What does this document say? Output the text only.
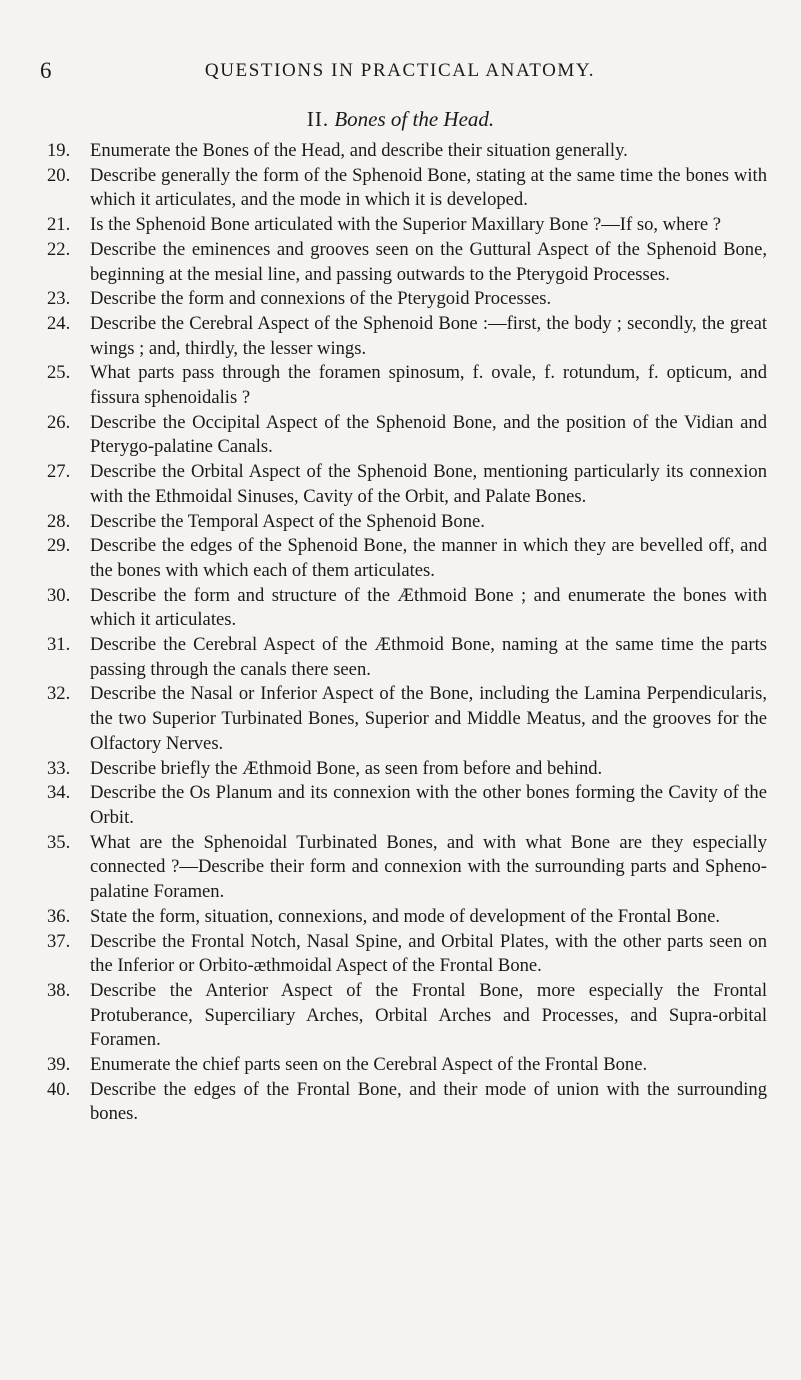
6	QUESTIONS IN PRACTICAL ANATOMY.
II. Bones of the Head.
19. Enumerate the Bones of the Head, and describe their situation generally.
20. Describe generally the form of the Sphenoid Bone, stating at the same time the bones with which it articulates, and the mode in which it is developed.
21. Is the Sphenoid Bone articulated with the Superior Maxillary Bone ?—If so, where ?
22. Describe the eminences and grooves seen on the Guttural Aspect of the Sphenoid Bone, beginning at the mesial line, and passing outwards to the Pterygoid Processes.
23. Describe the form and connexions of the Pterygoid Processes.
24. Describe the Cerebral Aspect of the Sphenoid Bone :—first, the body ; secondly, the great wings ; and, thirdly, the lesser wings.
25. What parts pass through the foramen spinosum, f. ovale, f. rotundum, f. opticum, and fissura sphenoidalis ?
26. Describe the Occipital Aspect of the Sphenoid Bone, and the position of the Vidian and Pterygo-palatine Canals.
27. Describe the Orbital Aspect of the Sphenoid Bone, mentioning particularly its connexion with the Ethmoidal Sinuses, Cavity of the Orbit, and Palate Bones.
28. Describe the Temporal Aspect of the Sphenoid Bone.
29. Describe the edges of the Sphenoid Bone, the manner in which they are bevelled off, and the bones with which each of them articulates.
30. Describe the form and structure of the Æthmoid Bone ; and enumerate the bones with which it articulates.
31. Describe the Cerebral Aspect of the Æthmoid Bone, naming at the same time the parts passing through the canals there seen.
32. Describe the Nasal or Inferior Aspect of the Bone, including the Lamina Perpendicularis, the two Superior Turbinated Bones, Superior and Middle Meatus, and the grooves for the Olfactory Nerves.
33. Describe briefly the Æthmoid Bone, as seen from before and behind.
34. Describe the Os Planum and its connexion with the other bones forming the Cavity of the Orbit.
35. What are the Sphenoidal Turbinated Bones, and with what Bone are they especially connected ?—Describe their form and connexion with the surrounding parts and Spheno-palatine Foramen.
36. State the form, situation, connexions, and mode of development of the Frontal Bone.
37. Describe the Frontal Notch, Nasal Spine, and Orbital Plates, with the other parts seen on the Inferior or Orbito-æthmoidal Aspect of the Frontal Bone.
38. Describe the Anterior Aspect of the Frontal Bone, more especially the Frontal Protuberance, Superciliary Arches, Orbital Arches and Processes, and Supra-orbital Foramen.
39. Enumerate the chief parts seen on the Cerebral Aspect of the Frontal Bone.
40. Describe the edges of the Frontal Bone, and their mode of union with the surrounding bones.
